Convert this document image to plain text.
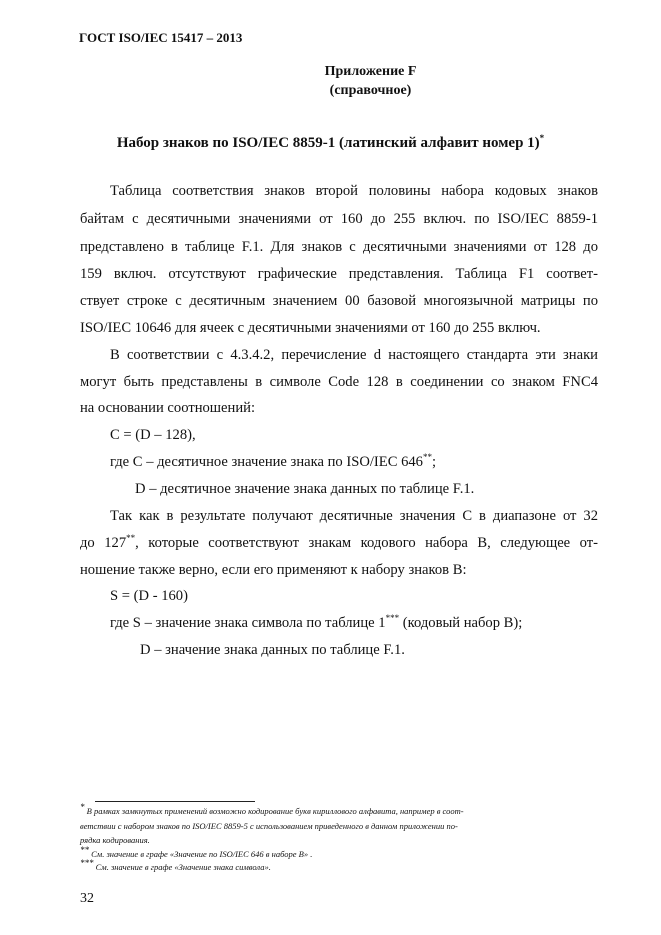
ГОСТ ISO/IEC 15417 – 2013
Приложение F
(справочное)
Набор знаков по ISO/IEC 8859-1 (латинский алфавит номер 1)*
Таблица соответствия знаков второй половины набора кодовых знаков
байтам с десятичными значениями от 160 до 255 включ. по ISO/IEC 8859-1
представлено в таблице F.1. Для знаков с десятичными значениями от 128 до
159 включ. отсутствуют графические представления. Таблица F1 соответ-
ствует строке с десятичным значением 00 базовой многоязычной матрицы по
ISO/IEC 10646 для ячеек с десятичными значениями от 160 до 255 включ.
В соответствии с 4.3.4.2, перечисление d настоящего стандарта эти знаки
могут быть представлены в символе Code 128 в соединении со знаком FNC4
на основании соотношений:
C = (D – 128),
где C – десятичное значение знака по ISO/IEC 646**;
D – десятичное значение знака данных по таблице F.1.
Так как в результате получают десятичные значения C в диапазоне от 32
до 127**, которые соответствуют знакам кодового набора B, следующее от-
ношение также верно, если его применяют к набору знаков B:
S = (D - 160)
где S – значение знака символа по таблице 1*** (кодовый набор B);
D – значение знака данных по таблице F.1.
* В рамках замкнутых применений возможно кодирование букв кириллового алфавита, например в соот-
ветствии с набором знаков по ISO/IEC 8859-5 с использованием приведенного в данном приложении по-
рядка кодирования.
** См. значение в графе «Значение по ISO/IEC 646 в наборе B» .
*** См. значение в графе «Значение знака символа».
32
